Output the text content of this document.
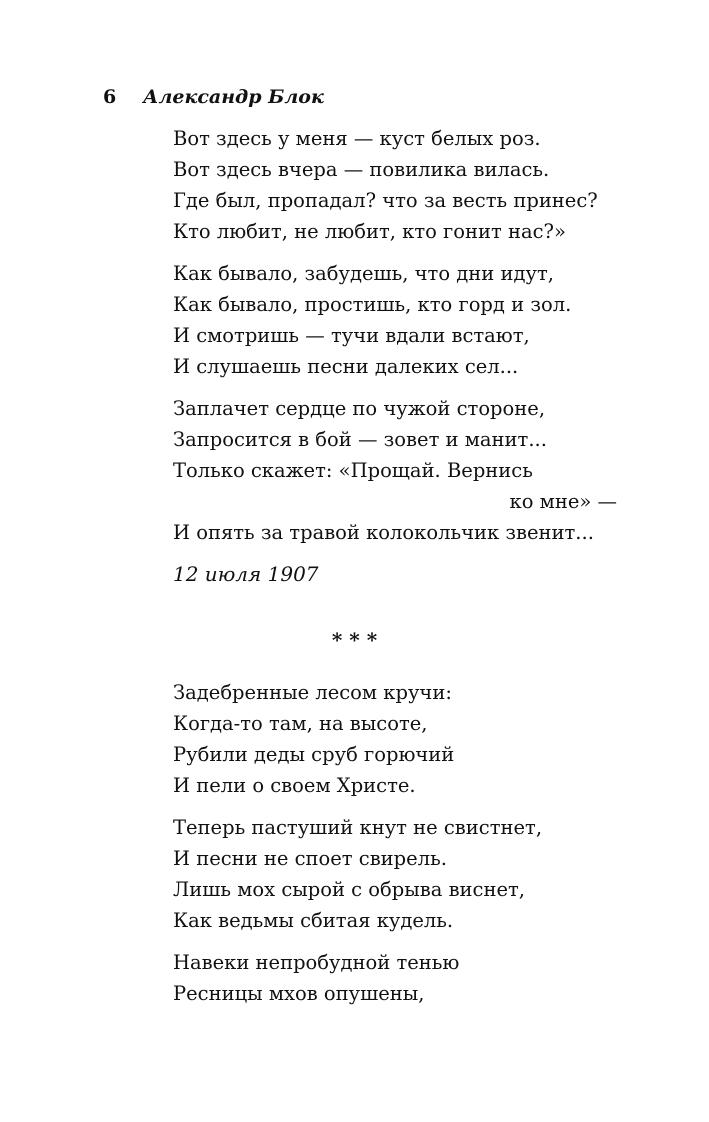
6 Александр Блок
Вот здесь у меня — куст белых роз.
Вот здесь вчера — повилика вилась.
Где был, пропадал? что за весть принес?
Кто любит, не любит, кто гонит нас?»
Как бывало, забудешь, что дни идут,
Как бывало, простишь, кто горд и зол.
И смотришь — тучи вдали встают,
И слушаешь песни далеких сел...
Заплачет сердце по чужой стороне,
Запросится в бой — зовет и манит...
Только скажет: «Прощай. Вернись
ко мне» —
И опять за травой колокольчик звенит...
12 июля 1907
* * *
Задебренные лесом кручи:
Когда-то там, на высоте,
Рубили деды сруб горючий
И пели о своем Христе.
Теперь пастуший кнут не свистнет,
И песни не споет свирель.
Лишь мох сырой с обрыва виснет,
Как ведьмы сбитая кудель.
Навеки непробудной тенью
Ресницы мхов опушены,
